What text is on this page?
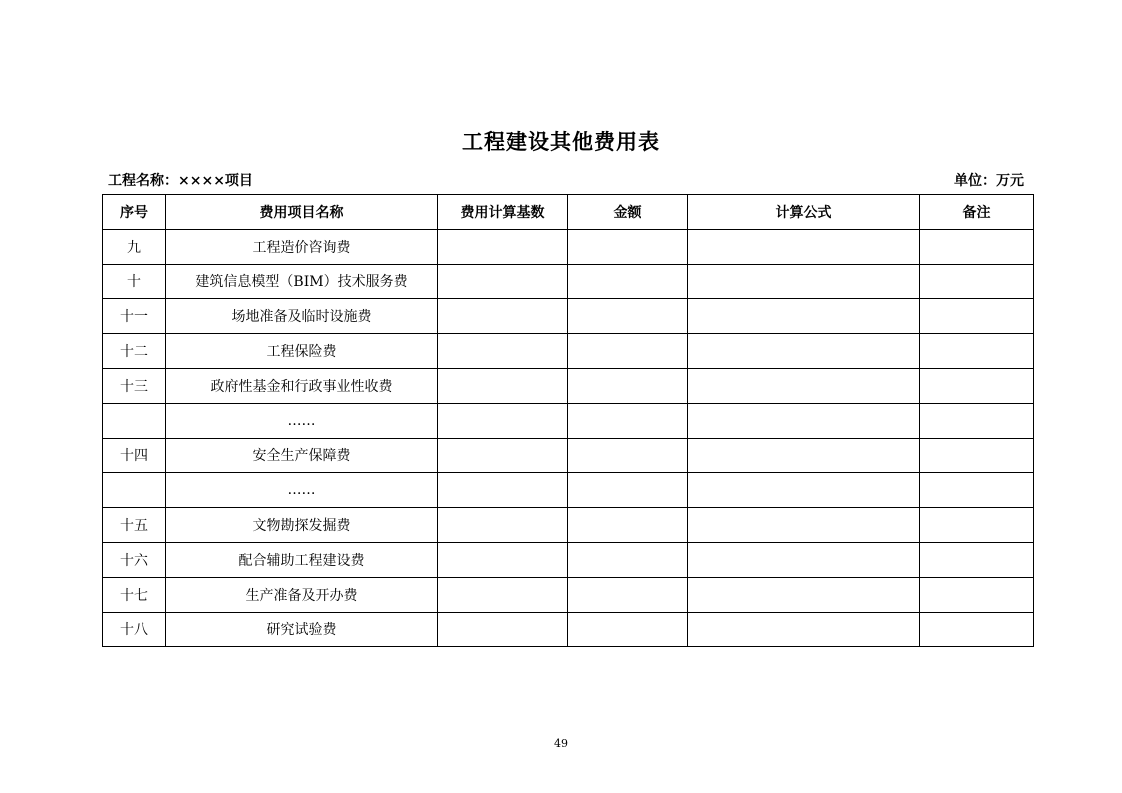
工程建设其他费用表
工程名称：××××项目	单位：万元
序号	费用项目名称	费用计算基数	金额	计算公式	备注
九	工程造价咨询费				
十	建筑信息模型（BIM）技术服务费				
十一	场地准备及临时设施费				
十二	工程保险费				
十三	政府性基金和行政事业性收费				
	……				
十四	安全生产保障费				
	……				
十五	文物勘探发掘费				
十六	配合辅助工程建设费				
十七	生产准备及开办费				
十八	研究试验费				
49
